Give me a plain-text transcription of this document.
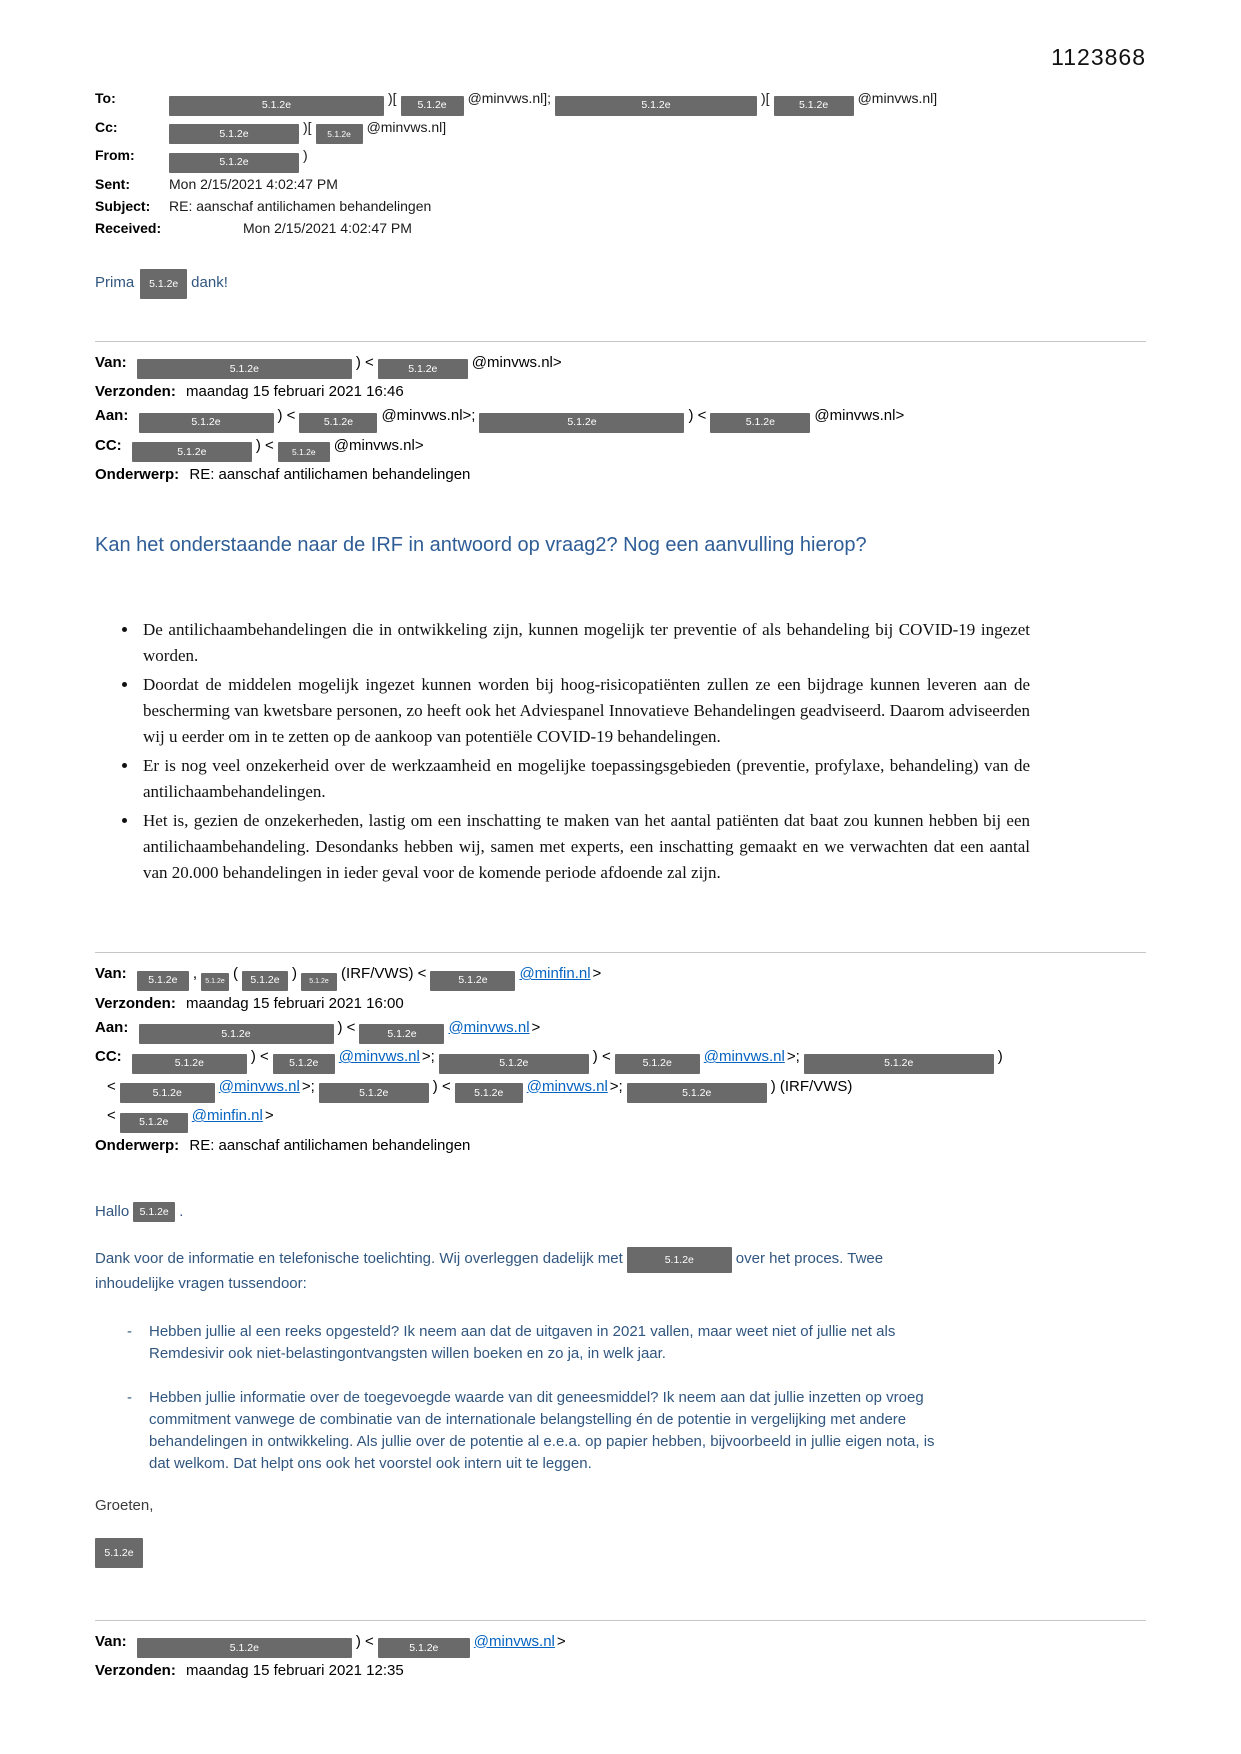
1123868
To:	5.1.2e	)[ 5.1.2e @minvws.nl];	5.1.2e	)[	5.1.2e @minvws.nl]
Cc:	5.1.2e	)[ 5.1.2e @minvws.nl]
From:	5.1.2e	)
Sent:	Mon 2/15/2021 4:02:47 PM
Subject:	RE: aanschaf antilichamen behandelingen
Received:	Mon 2/15/2021 4:02:47 PM
Prima 5.1.2e dank!
Van:	5.1.2e	) <	5.1.2e @minvws.nl>
Verzonden: maandag 15 februari 2021 16:46
Aan:	5.1.2e	) <	5.1.2e @minvws.nl>;	5.1.2e	) <	5.1.2e	@minvws.nl>
CC:	5.1.2e	) < 5.1.2e @minvws.nl>
Onderwerp: RE: aanschaf antilichamen behandelingen
Kan het onderstaande naar de IRF in antwoord op vraag2? Nog een aanvulling hierop?
• De antilichaambehandelingen die in ontwikkeling zijn, kunnen mogelijk ter preventie of als behandeling bij COVID-19 ingezet worden.
• Doordat de middelen mogelijk ingezet kunnen worden bij hoog-risicopatiënten zullen ze een bijdrage kunnen leveren aan de bescherming van kwetsbare personen, zo heeft ook het Adviespanel Innovatieve Behandelingen geadviseerd. Daarom adviseerden wij u eerder om in te zetten op de aankoop van potentiële COVID-19 behandelingen.
• Er is nog veel onzekerheid over de werkzaamheid en mogelijke toepassingsgebieden (preventie, profylaxe, behandeling) van de antilichaambehandelingen.
• Het is, gezien de onzekerheden, lastig om een inschatting te maken van het aantal patiënten dat baat zou kunnen hebben bij een antilichaambehandeling. Desondanks hebben wij, samen met experts, een inschatting gemaakt en we verwachten dat een aantal van 20.000 behandelingen in ieder geval voor de komende periode afdoende zal zijn.
Van: 5.1.2e , 5.1.2e ( 5.1.2e ) 5.1.2e (IRF/VWS) <	5.1.2e @minfin.nl >
Verzonden: maandag 15 februari 2021 16:00
Aan:	5.1.2e	) <	5.1.2e @minvws.nl >
CC:	5.1.2e	) < 5.1.2e @minvws.nl >;	5.1.2e	) <	5.1.2e @minvws.nl >;	5.1.2e	)
<	5.1.2e @minvws.nl >;	5.1.2e	) < 5.1.2e @minvws.nl >;	5.1.2e	) (IRF/VWS)
< 5.1.2e @minfin.nl >
Onderwerp: RE: aanschaf antilichamen behandelingen
Hallo 5.1.2e .
Dank voor de informatie en telefonische toelichting. Wij overleggen dadelijk met	5.1.2e	over het proces. Twee inhoudelijke vragen tussendoor:
-	Hebben jullie al een reeks opgesteld? Ik neem aan dat de uitgaven in 2021 vallen, maar weet niet of jullie net als Remdesivir ook niet-belastingontvangsten willen boeken en zo ja, in welk jaar.
-	Hebben jullie informatie over de toegevoegde waarde van dit geneesmiddel? Ik neem aan dat jullie inzetten op vroeg commitment vanwege de combinatie van de internationale belangstelling én de potentie in vergelijking met andere behandelingen in ontwikkeling. Als jullie over de potentie al e.e.a. op papier hebben, bijvoorbeeld in jullie eigen nota, is dat welkom. Dat helpt ons ook het voorstel ook intern uit te leggen.
Groeten,
5.1.2e
Van:	5.1.2e	) <	5.1.2e @minvws.nl >
Verzonden: maandag 15 februari 2021 12:35
